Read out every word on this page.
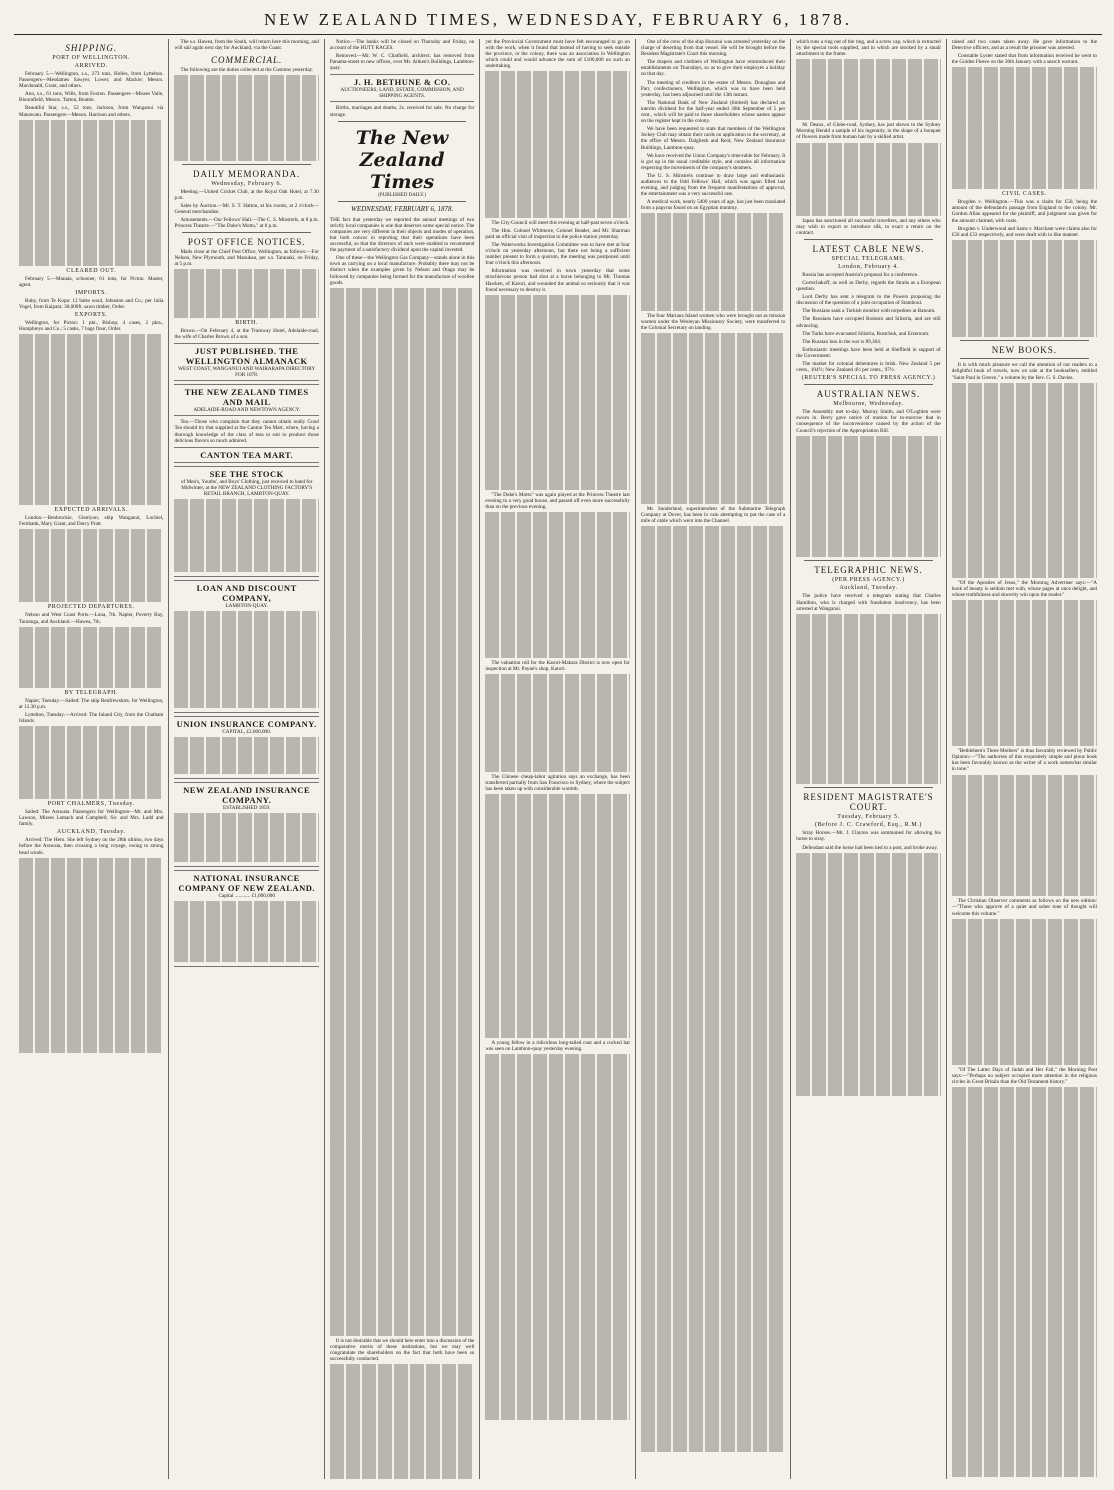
NEW ZEALAND TIMES, WEDNESDAY, FEBRUARY 6, 1878.
SHIPPING.
PORT OF WELLINGTON.
ARRIVED.

February 5.—Wellington, s.s., 273 tons, Holles, from Lyttelton. Passengers—Mesdames Sawyer, Lower, and Mackie; Messrs. Macdonald, Grant, and others.

Ann, s.s., 61 tons, Wills, from Foxton. Passengers—Misses Vaile, Bloomfield; Messrs. Tutton, Beattie.

Beautiful Star, s.s., 52 tons, Jackson, from Wanganui via Manawatu. Passengers—Messrs. Harrison and others.

CLEARED OUT.

February 5.—Manaia, schooner, 61 tons, for Picton. Master, agent.

IMPORTS.

Ruby, from Te Kopu: 12 bales wool, Johnston and Co.; per Julia Vogel, from Kaipara: 30,000ft. sawn timber, Order.

EXPORTS.

Wellington, for Picton: 1 pkt., Bishop; 4 cases, 2 pkts., Humphreys and Co.; 5 casks, 7 bags flour, Order.

EXPECTED ARRIVALS.

London.—Benbrockie, Glenlyon; ship Wanganui, Lochiel, Fernbank, Mary Grant, and Darcy Pratt.

PROJECTED DEPARTURES.

Nelson and West Coast Ports.—Luna, 7th. Napier, Poverty Bay, Tauranga, and Auckland.—Hawea, 7th.

BY TELEGRAPH.

Napier, Tuesday.—Sailed: The ship Renfrewshire, for Wellington, at 12.30 p.m.

Lyttelton, Tuesday.—Arrived: The Inland City, from the Chatham Islands.

PORT CHALMERS, Tuesday.

Sailed: The Arawata. Passengers for Wellington—Mr. and Mrs. Lawson, Misses Lamach and Campbell; Sir. and Mrs. Ladd and family.

AUCKLAND, Tuesday.

Arrived: The Hero. She left Sydney on the 28th ultimo, two days before the Arawata, then crossing a long voyage, owing to strong head winds.

The s.s. Hawea, from the South, will return here this morning, and will sail again next day for Auckland, via the Coast.

COMMERCIAL.

The following are the duties collected at the Customs yesterday.

DAILY MEMORANDA.
Wednesday, February 6.

Meeting.—United Cricket Club, at the Royal Oak Hotel, at 7.30 p.m.

Sales by Auction.—Mr. S. T. Hatton, at his rooms, at 2 o'clock—General merchandise.

Amusements.—Our Fellows' Hall.—The C. S. Minstrels, at 8 p.m. Princess Theatre.—"The Duke's Motto," at 8 p.m.

POST OFFICE NOTICES.

Mails close at the Chief Post Office, Wellington, as follows:—For Nelson, New Plymouth, and Manukau, per s.s. Taranaki, on Friday, at 5 p.m.

BIRTH.

Brown.—On February 4, at the Tramway Hotel, Adelaide-road, the wife of Charles Brown of a son.

JUST PUBLISHED. THE WELLINGTON ALMANACK
WEST COAST, WANGANUI AND WAIRARAPA DIRECTORY FOR 1878.
THE NEW ZEALAND TIMES AND MAIL
ADELAIDE-ROAD AND NEWTOWN AGENCY.

Tea.—Those who complain that they cannot obtain really Good Tea should try that supplied at the Canton Tea Mart, where, having a thorough knowledge of the class of teas to suit to produce those delicious flavors so much admired.

CANTON TEA MART.
SEE THE STOCK
of Men's, Youths', and Boys' Clothing, just received to hand for Midwinter, at the NEW ZEALAND CLOTHING FACTORY'S RETAIL BRANCH, LAMBTON-QUAY.
LOAN AND DISCOUNT COMPANY,
LAMBTON-QUAY.
UNION INSURANCE COMPANY.
CAPITAL, £2,000,000.
NEW ZEALAND INSURANCE COMPANY.
ESTABLISHED 1859.
NATIONAL INSURANCE COMPANY OF NEW ZEALAND.
Capital ............ £1,000,000

Notice.—The banks will be closed on Thursday and Friday, on account of the HUTT RACES.

Removed.—Mr. W. C. Chatfield, architect, has removed from Panama-street to new offices, over Mr. Aitken's Buildings, Lambton-quay.

J. H. BETHUNE & CO.
AUCTIONEERS, LAND, ESTATE, COMMISSION, AND SHIPPING AGENTS.

Births, marriages and deaths, 2s. received for sale. No charge for storage.

The New Zealand Times
(PUBLISHED DAILY.)
WEDNESDAY, FEBRUARY 6, 1878.

THE fact that yesterday we reported the annual meetings of two strictly local companies is one that deserves some special notice. The companies are very different in their objects and modes of operation, but both concur in reporting that their operations have been successful, so that the directors of each were enabled to recommend the payment of a satisfactory dividend upon the capital invested.

One of these—the Wellington Gas Company—stands alone in this town as carrying on a local manufacture. Probably there may not be distinct when the examples given by Nelson and Otago may be followed by companies being formed for the manufacture of woollen goods.

It is not desirable that we should here enter into a discussion of the comparative merits of these institutions, but we may well congratulate the shareholders on the fact that both have been so successfully conducted.

yet the Provincial Government must have felt encouraged to go on with the work, when it found that instead of having to seek outside the province, or the colony, there was an association in Wellington which could and would advance the sum of £100,000 on such an undertaking.

The City Council will meet this evening at half-past seven o'clock.

The Hon. Colonel Whitmore, Colonel Reader, and Mr. Sharman paid an official visit of inspection to the police station yesterday.

The Waterworks Investigation Committee was to have met at four o'clock on yesterday afternoon, but there not being a sufficient number present to form a quorum, the meeting was postponed until four o'clock this afternoon.

Information was received in town yesterday that some mischievous person had shot at a horse belonging to Mr. Thomas Hawken, of Karori, and wounded the animal so seriously that it was found necessary to destroy it.

"The Duke's Motto" was again played at the Princess Theatre last evening to a very good house, and passed off even more successfully than on the previous evening.

The valuation roll for the Karori-Makara District is now open for inspection at Mr. Payne's shop, Karori.

The Chinese cheap-labor agitation says an exchange, has been transferred partially from San Francisco to Sydney, where the subject has been taken up with considerable warmth.

A young fellow in a ridiculous long-tailed coat and a cocked hat was seen on Lambton-quay yesterday evening.

One of the crew of the ship Hurunui was arrested yesterday on the charge of deserting from that vessel. He will be brought before the Resident Magistrate's Court this morning.

The drapers and clothiers of Wellington have reintroduced their establishments on Thursdays, so as to give their employés a holiday on that day.

The meeting of creditors in the estate of Messrs. Donaghue and Parr, confectioners, Wellington, which was to have been held yesterday, has been adjourned until the 13th instant.

The National Bank of New Zealand (limited) has declared an interim dividend for the half-year ended 30th September of 5 per cent., which will be paid to those shareholders whose names appear on the register kept in the colony.

We have been requested to state that members of the Wellington Jockey Club may obtain their cards on application to the secretary, at the office of Messrs. Dalgliesh and Reid, New Zealand Insurance Buildings, Lambton-quay.

We have received the Union Company's time-table for February. It is got up in the usual creditable style, and contains all information respecting the movements of the company's steamers.

The U. S. Minstrels continue to draw large and enthusiastic audiences to the Odd Fellows' Hall, which was again filled last evening, and judging from the frequent manifestations of approval, the entertainment was a very successful one.

A medical work, nearly 5400 years of age, has just been translated from a papyrus found on an Egyptian mummy.

The four Mariana Island women who were brought out as mission women under the Wesleyan Missionary Society, were transferred to the Colonial Secretary on landing.

Mr. Sunderland, superintendent of the Submarine Telegraph Company at Dover, has been in vain attempting to put the case of a mile of cable which went into the Channel.

which runs a ring out of the ring, and a screw cap, which is extracted by the special tools supplied, and in which are stocked by a small attachment to the frame.

M. Deaux, of Globe-road, Sydney, has just shown to the Sydney Morning Herald a sample of his ingenuity, in the shape of a bouquet of flowers made from human hair by a skilled artist.

Japan has sanctioned all successful travellers, and any others who may wish to export or introduce silk, to exact a return on the contract.

LATEST CABLE NEWS.
SPECIAL TELEGRAMS.
London, February 4.

Russia has accepted Austria's proposal for a conference.

Gortschakoff, as well as Derby, regards the Straits as a European question.

Lord Derby has sent a telegram to the Powers proposing the discussion of the question of a joint occupation of Stamboul.

The Russians sank a Turkish monitor with torpedoes at Batoum.

The Russians have occupied Rodosto and Silistria, and are still advancing.

The Turks have evacuated Silistria, Rustchuk, and Erzeroum.

The Russian loss in the war is 89,304.

Enthusiastic meetings have been held at Sheffield in support of the Government.

The market for colonial debentures is brisk. New Zealand 5 per cents., 104½; New Zealand 4½ per cents., 97½.

(REUTER'S SPECIAL TO PRESS AGENCY.)
AUSTRALIAN NEWS.
Melbourne, Wednesday.

The Assembly met to-day. Murray Smith, and O'Loghlen were sworn in. Berry gave notice of motion for to-morrow that in consequence of the inconvenience caused by the action of the Council's rejection of the Appropriation Bill.

TELEGRAPHIC NEWS.
(PER PRESS AGENCY.)
Auckland, Tuesday.

The police have received a telegram stating that Charles Hamilton, who is charged with fraudulent insolvency, has been arrested at Wanganui.

RESIDENT MAGISTRATE'S COURT.
Tuesday, February 5.
(Before J. C. Crawford, Esq., R.M.)

Stray Horses.—Mr. J. Clayton was summoned for allowing his horse to stray.

Defendant said the horse had been tied to a post, and broke away.

raised and two cases taken away. He gave information to the Detective officers, and as a result the prisoner was arrested.

Constable Lyster stated that from information received he went to the Golden Fleece on the 30th January with a search warrant.

CIVIL CASES.

Brogden v. Wellington.—This was a claim for £50, being the amount of the defendant's passage from England to the colony. Mr. Gordon Allan appeared for the plaintiff, and judgment was given for the amount claimed, with costs.

Brogden v. Underwood and Sams v. Marchant were claims also for £56 and £33 respectively, and were dealt with in like manner.

NEW BOOKS.

It is with much pleasure we call the attention of our readers to a delightful book of travels, now on sale at the booksellers, entitled "Saint Paul in Greece," a volume by the Rev. G. S. Davies.

"Of the Apostles of Jesus," the Morning Advertiser says:—"A book of beauty is seldom met with, whose pages at once delight, and whose truthfulness and sincerity win upon the reader."

"Bethlehem's Three Mothers" is thus favorably reviewed by Public Opinion:—"The authoress of this exquisitely simple and pious book has been favorably known as the writer of a work somewhat similar in tone."

The Christian Observer comments as follows on the new edition:—"Those who approve of a quiet and sober tone of thought will welcome this volume."

"Of The Latter Days of Judah and Her Fall," the Morning Post says:—"Perhaps no subject occupies more attention in the religious circles in Great Britain than the Old Testament history."
